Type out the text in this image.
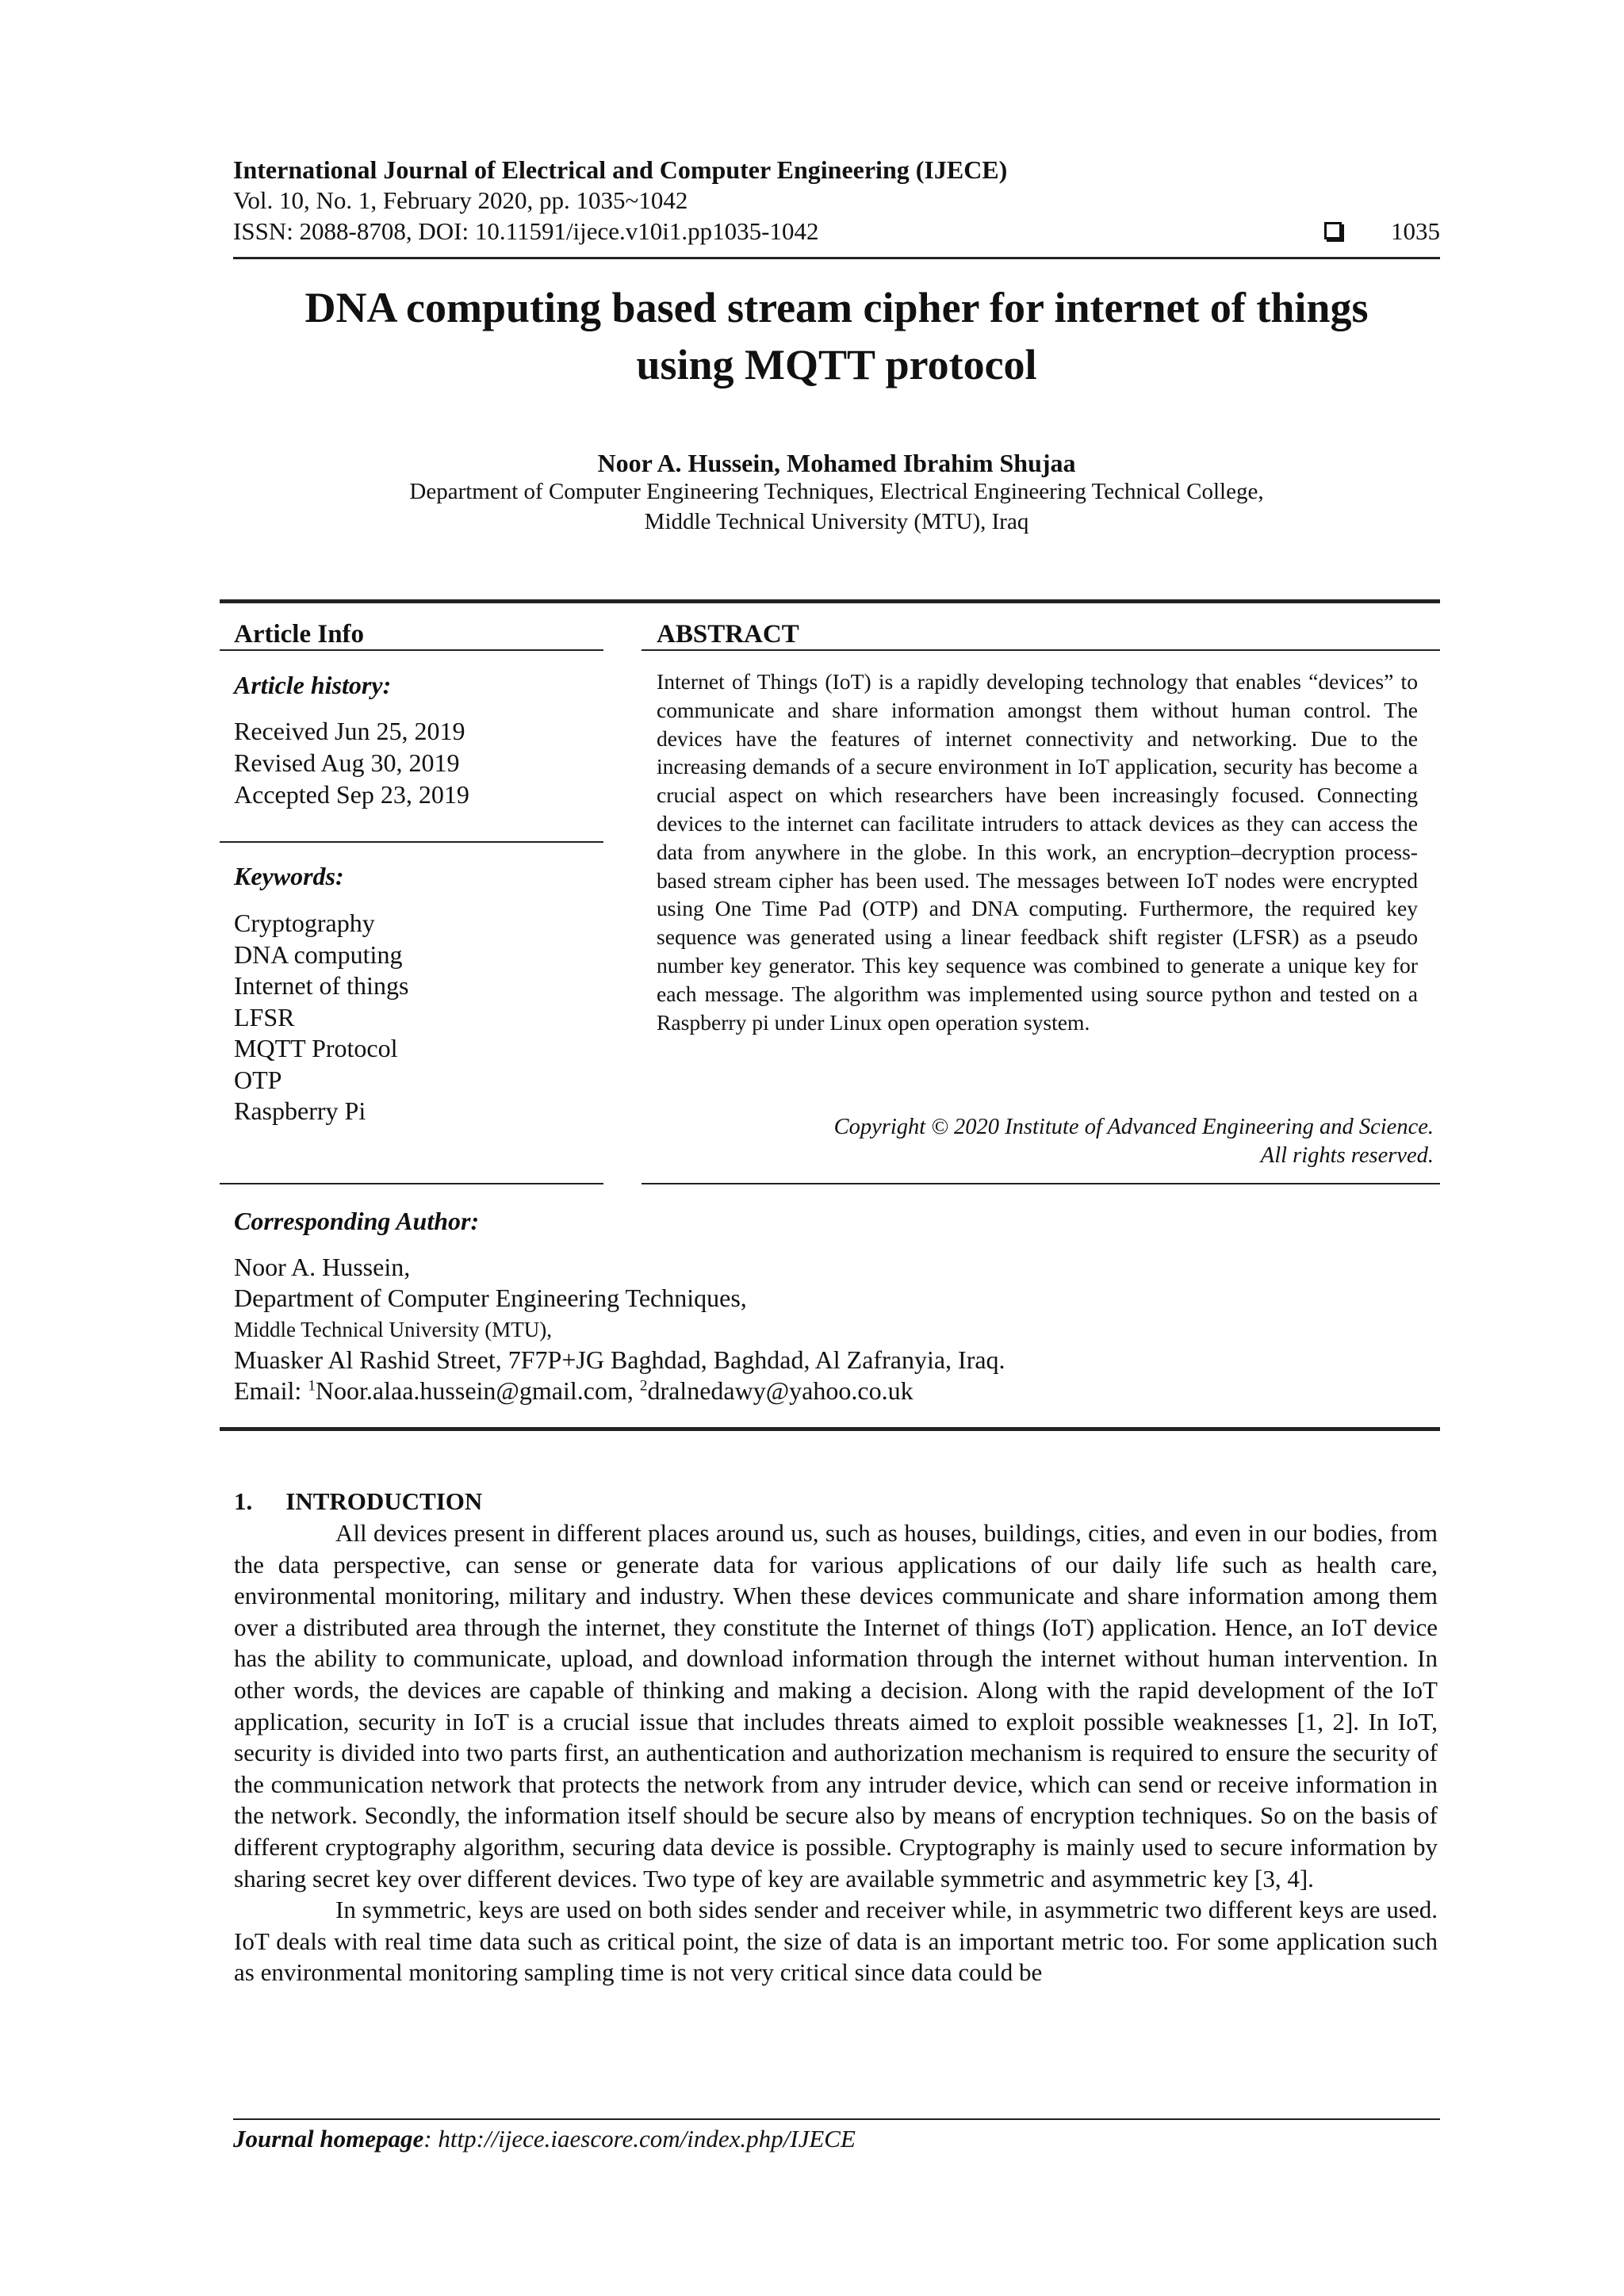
International Journal of Electrical and Computer Engineering (IJECE)
Vol. 10, No. 1, February 2020, pp. 1035~1042
ISSN: 2088-8708, DOI: 10.11591/ijece.v10i1.pp1035-1042	1035
DNA computing based stream cipher for internet of things
using MQTT protocol
Noor A. Hussein, Mohamed Ibrahim Shujaa
Department of Computer Engineering Techniques, Electrical Engineering Technical College,
Middle Technical University (MTU), Iraq
Article Info
Article history:
Received Jun 25, 2019
Revised Aug 30, 2019
Accepted Sep 23, 2019
Keywords:
Cryptography
DNA computing
Internet of things
LFSR
MQTT Protocol
OTP
Raspberry Pi
ABSTRACT
Internet of Things (IoT) is a rapidly developing technology that enables “devices” to communicate and share information amongst them without human control. The devices have the features of internet connectivity and networking. Due to the increasing demands of a secure environment in IoT application, security has become a crucial aspect on which researchers have been increasingly focused. Connecting devices to the internet can facilitate intruders to attack devices as they can access the data from anywhere in the globe. In this work, an encryption–decryption process-based stream cipher has been used. The messages between IoT nodes were encrypted using One Time Pad (OTP) and DNA computing. Furthermore, the required key sequence was generated using a linear feedback shift register (LFSR) as a pseudo number key generator. This key sequence was combined to generate a unique key for each message. The algorithm was implemented using source python and tested on a Raspberry pi under Linux open operation system.
Copyright © 2020 Institute of Advanced Engineering and Science.
All rights reserved.
Corresponding Author:
Noor A. Hussein,
Department of Computer Engineering Techniques,
Middle Technical University (MTU),
Muasker Al Rashid Street, 7F7P+JG Baghdad, Baghdad, Al Zafranyia, Iraq.
Email: $^1$Noor.alaa.hussein@gmail.com, $^2$dralnedawy@yahoo.co.uk
1. INTRODUCTION

All devices present in different places around us, such as houses, buildings, cities, and even in our bodies, from the data perspective, can sense or generate data for various applications of our daily life such as health care, environmental monitoring, military and industry. When these devices communicate and share information among them over a distributed area through the internet, they constitute the Internet of things (IoT) application. Hence, an IoT device has the ability to communicate, upload, and download information through the internet without human intervention. In other words, the devices are capable of thinking and making a decision. Along with the rapid development of the IoT application, security in IoT is a crucial issue that includes threats aimed to exploit possible weaknesses [1, 2]. In IoT, security is divided into two parts first, an authentication and authorization mechanism is required to ensure the security of the communication network that protects the network from any intruder device, which can send or receive information in the network. Secondly, the information itself should be secure also by means of encryption techniques. So on the basis of different cryptography algorithm, securing data device is possible. Cryptography is mainly used to secure information by sharing secret key over different devices. Two type of key are available symmetric and asymmetric key [3, 4].

In symmetric, keys are used on both sides sender and receiver while, in asymmetric two different keys are used. IoT deals with real time data such as critical point, the size of data is an important metric too. For some application such as environmental monitoring sampling time is not very critical since data could be

Journal homepage: http://ijece.iaescore.com/index.php/IJECE
